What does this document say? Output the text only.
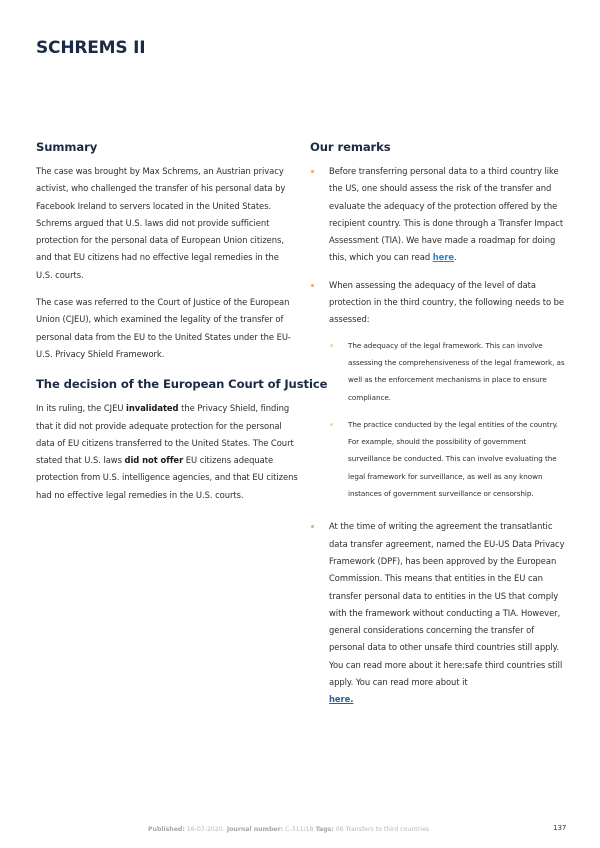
SCHREMS II
Summary

The case was brought by Max Schrems, an Austrian privacy activist, who challenged the transfer of his personal data by Facebook Ireland to servers located in the United States. Schrems argued that U.S. laws did not provide sufficient protection for the personal data of European Union citizens, and that EU citizens had no effective legal remedies in the U.S. courts.

The case was referred to the Court of Justice of the European Union (CJEU), which examined the legality of the transfer of personal data from the EU to the United States under the EU-U.S. Privacy Shield Framework.

The decision of the European Court of Justice

In its ruling, the CJEU invalidated the Privacy Shield, finding that it did not provide adequate protection for the personal data of EU citizens transferred to the United States. The Court stated that U.S. laws did not offer EU citizens adequate protection from U.S. intelligence agencies, and that EU citizens had no effective legal remedies in the U.S. courts.

Our remarks
Before transferring personal data to a third country like the US, one should assess the risk of the transfer and evaluate the adequacy of the protection offered by the recipient country. This is done through a Transfer Impact Assessment (TIA). We have made a roadmap for doing this, which you can read here.
When assessing the adequacy of the level of data protection in the third country, the following needs to be assessed:
The adequacy of the legal framework. This can involve assessing the comprehensiveness of the legal framework, as well as the enforcement mechanisms in place to ensure compliance.
The practice conducted by the legal entities of the country. For example, should the possibility of government surveillance be conducted. This can involve evaluating the legal framework for surveillance, as well as any known instances of government surveillance or censorship.
At the time of writing the agreement the transatlantic data transfer agreement, named the EU-US Data Privacy Framework (DPF), has been approved by the European Commission. This means that entities in the EU can transfer personal data to entities in the US that comply with the framework without conducting a TIA. However, general considerations concerning the transfer of personal data to other unsafe third countries still apply. You can read more about it here:safe third countries still apply. You can read more about it
here.
Published: 16-07-2020. Journal number: C-311/18 Tags: 06 Transfers to third countries	137
